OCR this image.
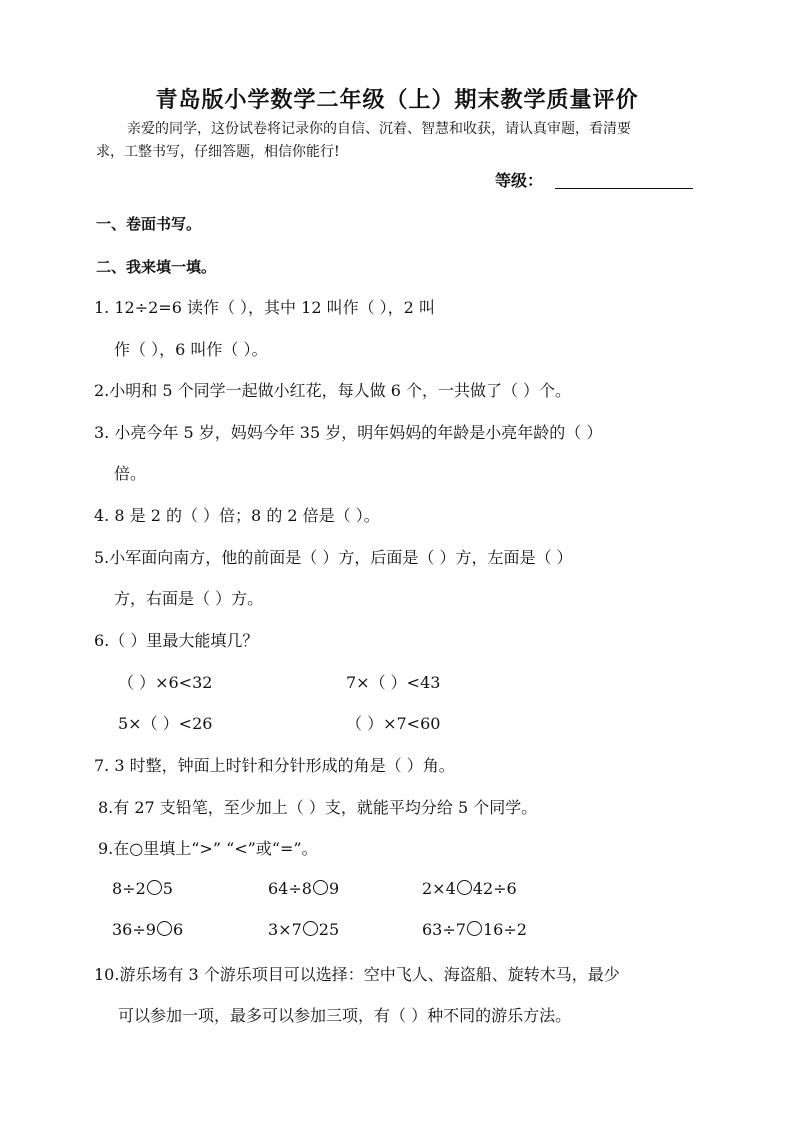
青岛版小学数学二年级（上）期末教学质量评价
亲爱的同学，这份试卷将记录你的自信、沉着、智慧和收获，请认真审题，看清要
求，工整书写，仔细答题，相信你能行!
等级：
一、卷面书写。
二、我来填一填。
1. 12÷2=6 读作（ ），其中 12 叫作（ ），2 叫
作（ ），6 叫作（ ）。
2.小明和 5 个同学一起做小红花，每人做 6 个，一共做了（ ）个。
3. 小亮今年 5 岁，妈妈今年 35 岁，明年妈妈的年龄是小亮年龄的（ ）
倍。
4. 8 是 2 的（ ）倍；8 的 2 倍是（ ）。
5.小军面向南方，他的前面是（ ）方，后面是（ ）方，左面是（ ）
方，右面是（ ）方。
6.（ ）里最大能填几？
（ ）×6<32	7×（ ）<43
5×（ ）<26	（ ）×7<60
7. 3 时整，钟面上时针和分针形成的角是（ ）角。
8.有 27 支铅笔，至少加上（ ）支，就能平均分给 5 个同学。
9.在○里填上“>” “<”或“=”。
8÷2 5	64÷8 9	2×4 42÷6
36÷9 6	3×7 25	63÷7 16÷2
10.游乐场有 3 个游乐项目可以选择：空中飞人、海盗船、旋转木马，最少
可以参加一项，最多可以参加三项，有（ ）种不同的游乐方法。
